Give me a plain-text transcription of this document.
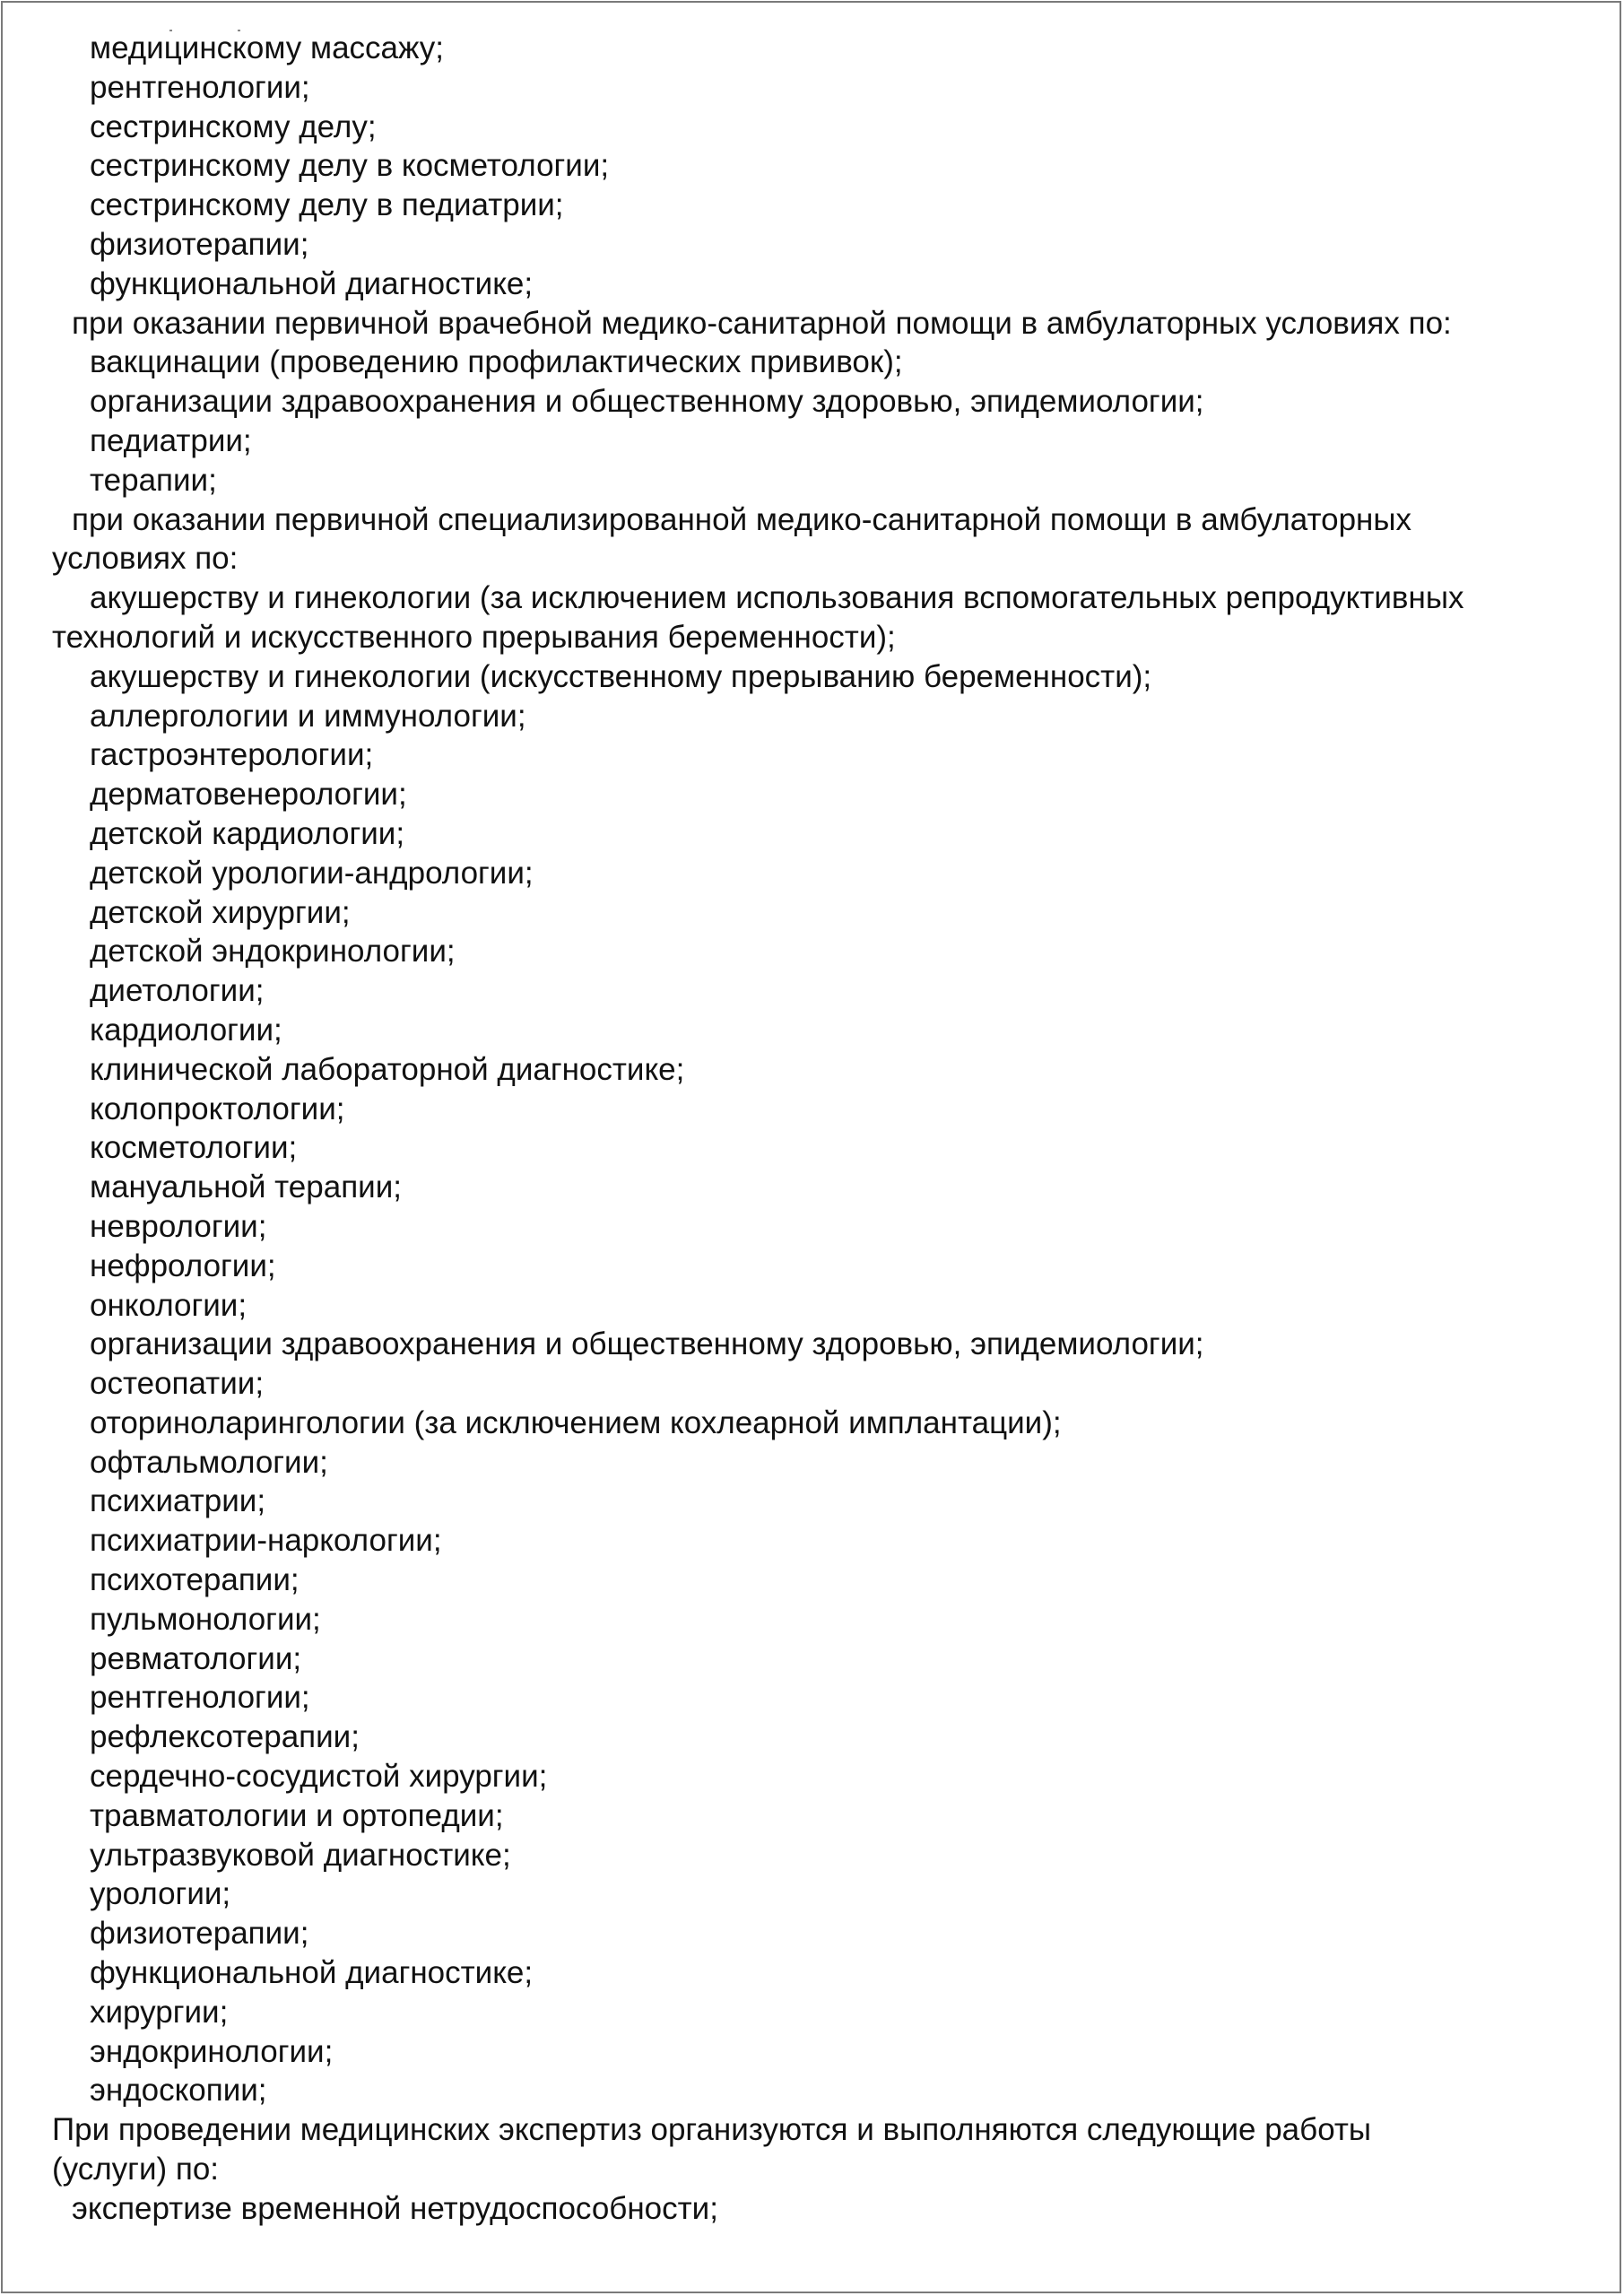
медицинскому массажу;
рентгенологии;
сестринскому делу;
сестринскому делу в косметологии;
сестринскому делу в педиатрии;
физиотерапии;
функциональной диагностике;
при оказании первичной врачебной медико-санитарной помощи в амбулаторных условиях по:
вакцинации (проведению профилактических прививок);
организации здравоохранения и общественному здоровью, эпидемиологии;
педиатрии;
терапии;
при оказании первичной специализированной медико-санитарной помощи в амбулаторных
условиях по:
акушерству и гинекологии (за исключением использования вспомогательных репродуктивных
технологий и искусственного прерывания беременности);
акушерству и гинекологии (искусственному прерыванию беременности);
аллергологии и иммунологии;
гастроэнтерологии;
дерматовенерологии;
детской кардиологии;
детской урологии-андрологии;
детской хирургии;
детской эндокринологии;
диетологии;
кардиологии;
клинической лабораторной диагностике;
колопроктологии;
косметологии;
мануальной терапии;
неврологии;
нефрологии;
онкологии;
организации здравоохранения и общественному здоровью, эпидемиологии;
остеопатии;
оториноларингологии (за исключением кохлеарной имплантации);
офтальмологии;
психиатрии;
психиатрии-наркологии;
психотерапии;
пульмонологии;
ревматологии;
рентгенологии;
рефлексотерапии;
сердечно-сосудистой хирургии;
травматологии и ортопедии;
ультразвуковой диагностике;
урологии;
физиотерапии;
функциональной диагностике;
хирургии;
эндокринологии;
эндоскопии;
При проведении медицинских экспертиз организуются и выполняются следующие работы
(услуги) по:
экспертизе временной нетрудоспособности;
